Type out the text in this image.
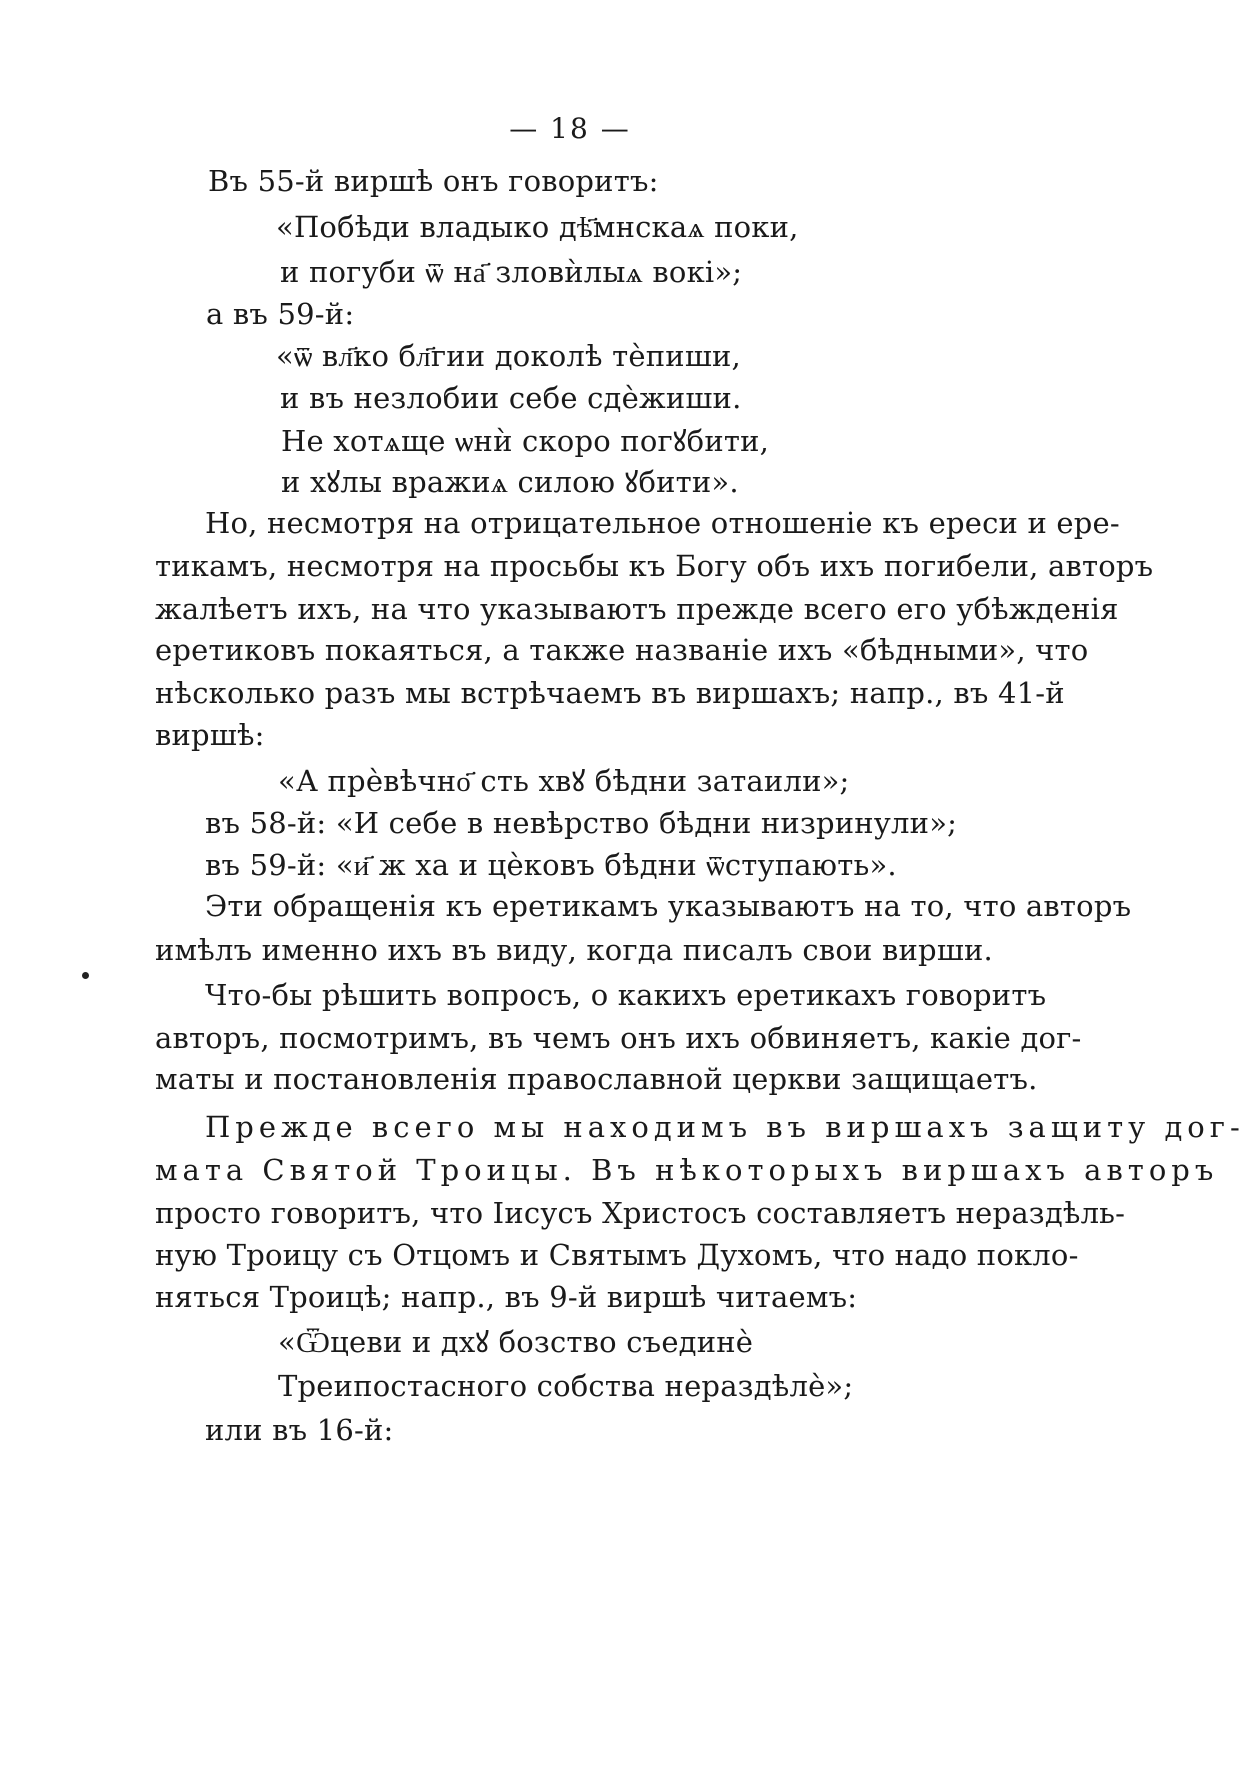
— 18 —
Въ 55-й виршѣ онъ говоритъ:
«Побѣди владыко дѣ҃мнскаѧ поки,
и погуби ѿ на҃ зловѝлыѧ вокі»;
а въ 59-й:
«ѿ вл҃ко бл҃гии доколѣ тѐпиши,
и въ незлобии себе сдѐжиши.
Не хотѧще ѡнѝ скоро погꙋбити,
и хꙋлы вражиѧ силою ꙋбити».
Но, несмотря на отрицательное отношенiе къ ереси и ере-
тикамъ, несмотря на просьбы къ Богу объ ихъ погибели, авторъ
жалѣетъ ихъ, на что указываютъ прежде всего его убѣжденiя
еретиковъ покаяться, а также названiе ихъ «бѣдными», что
нѣсколько разъ мы встрѣчаемъ въ виршахъ; напр., въ 41-й
виршѣ:
«А прѐвѣчно҃ сть хвꙋ бѣдни затаили»;
въ 58-й: «И себе в невѣрство бѣдни низринули»;
въ 59-й: «и҃ ж ха и цѐковъ бѣдни ѿступають».
Эти обращенiя къ еретикамъ указываютъ на то, что авторъ
имѣлъ именно ихъ въ виду, когда писалъ свои вирши.
Что-бы рѣшить вопросъ, о какихъ еретикахъ говоритъ
авторъ, посмотримъ, въ чемъ онъ ихъ обвиняетъ, какiе дог-
маты и постановленiя православной церкви защищаетъ.
Прежде всего мы находимъ въ виршахъ защиту дог-
мата Святой Троицы. Въ нѣкоторыхъ виршахъ авторъ
просто говоритъ, что Iисусъ Христосъ составляетъ нераздѣль-
ную Троицу съ Отцомъ и Святымъ Духомъ, что надо покло-
няться Троицѣ; напр., въ 9-й виршѣ читаемъ:
«Ѿцеви и дхꙋ бозство съединѐ
Треипостасного собства нераздѣлѐ»;
или въ 16-й:
